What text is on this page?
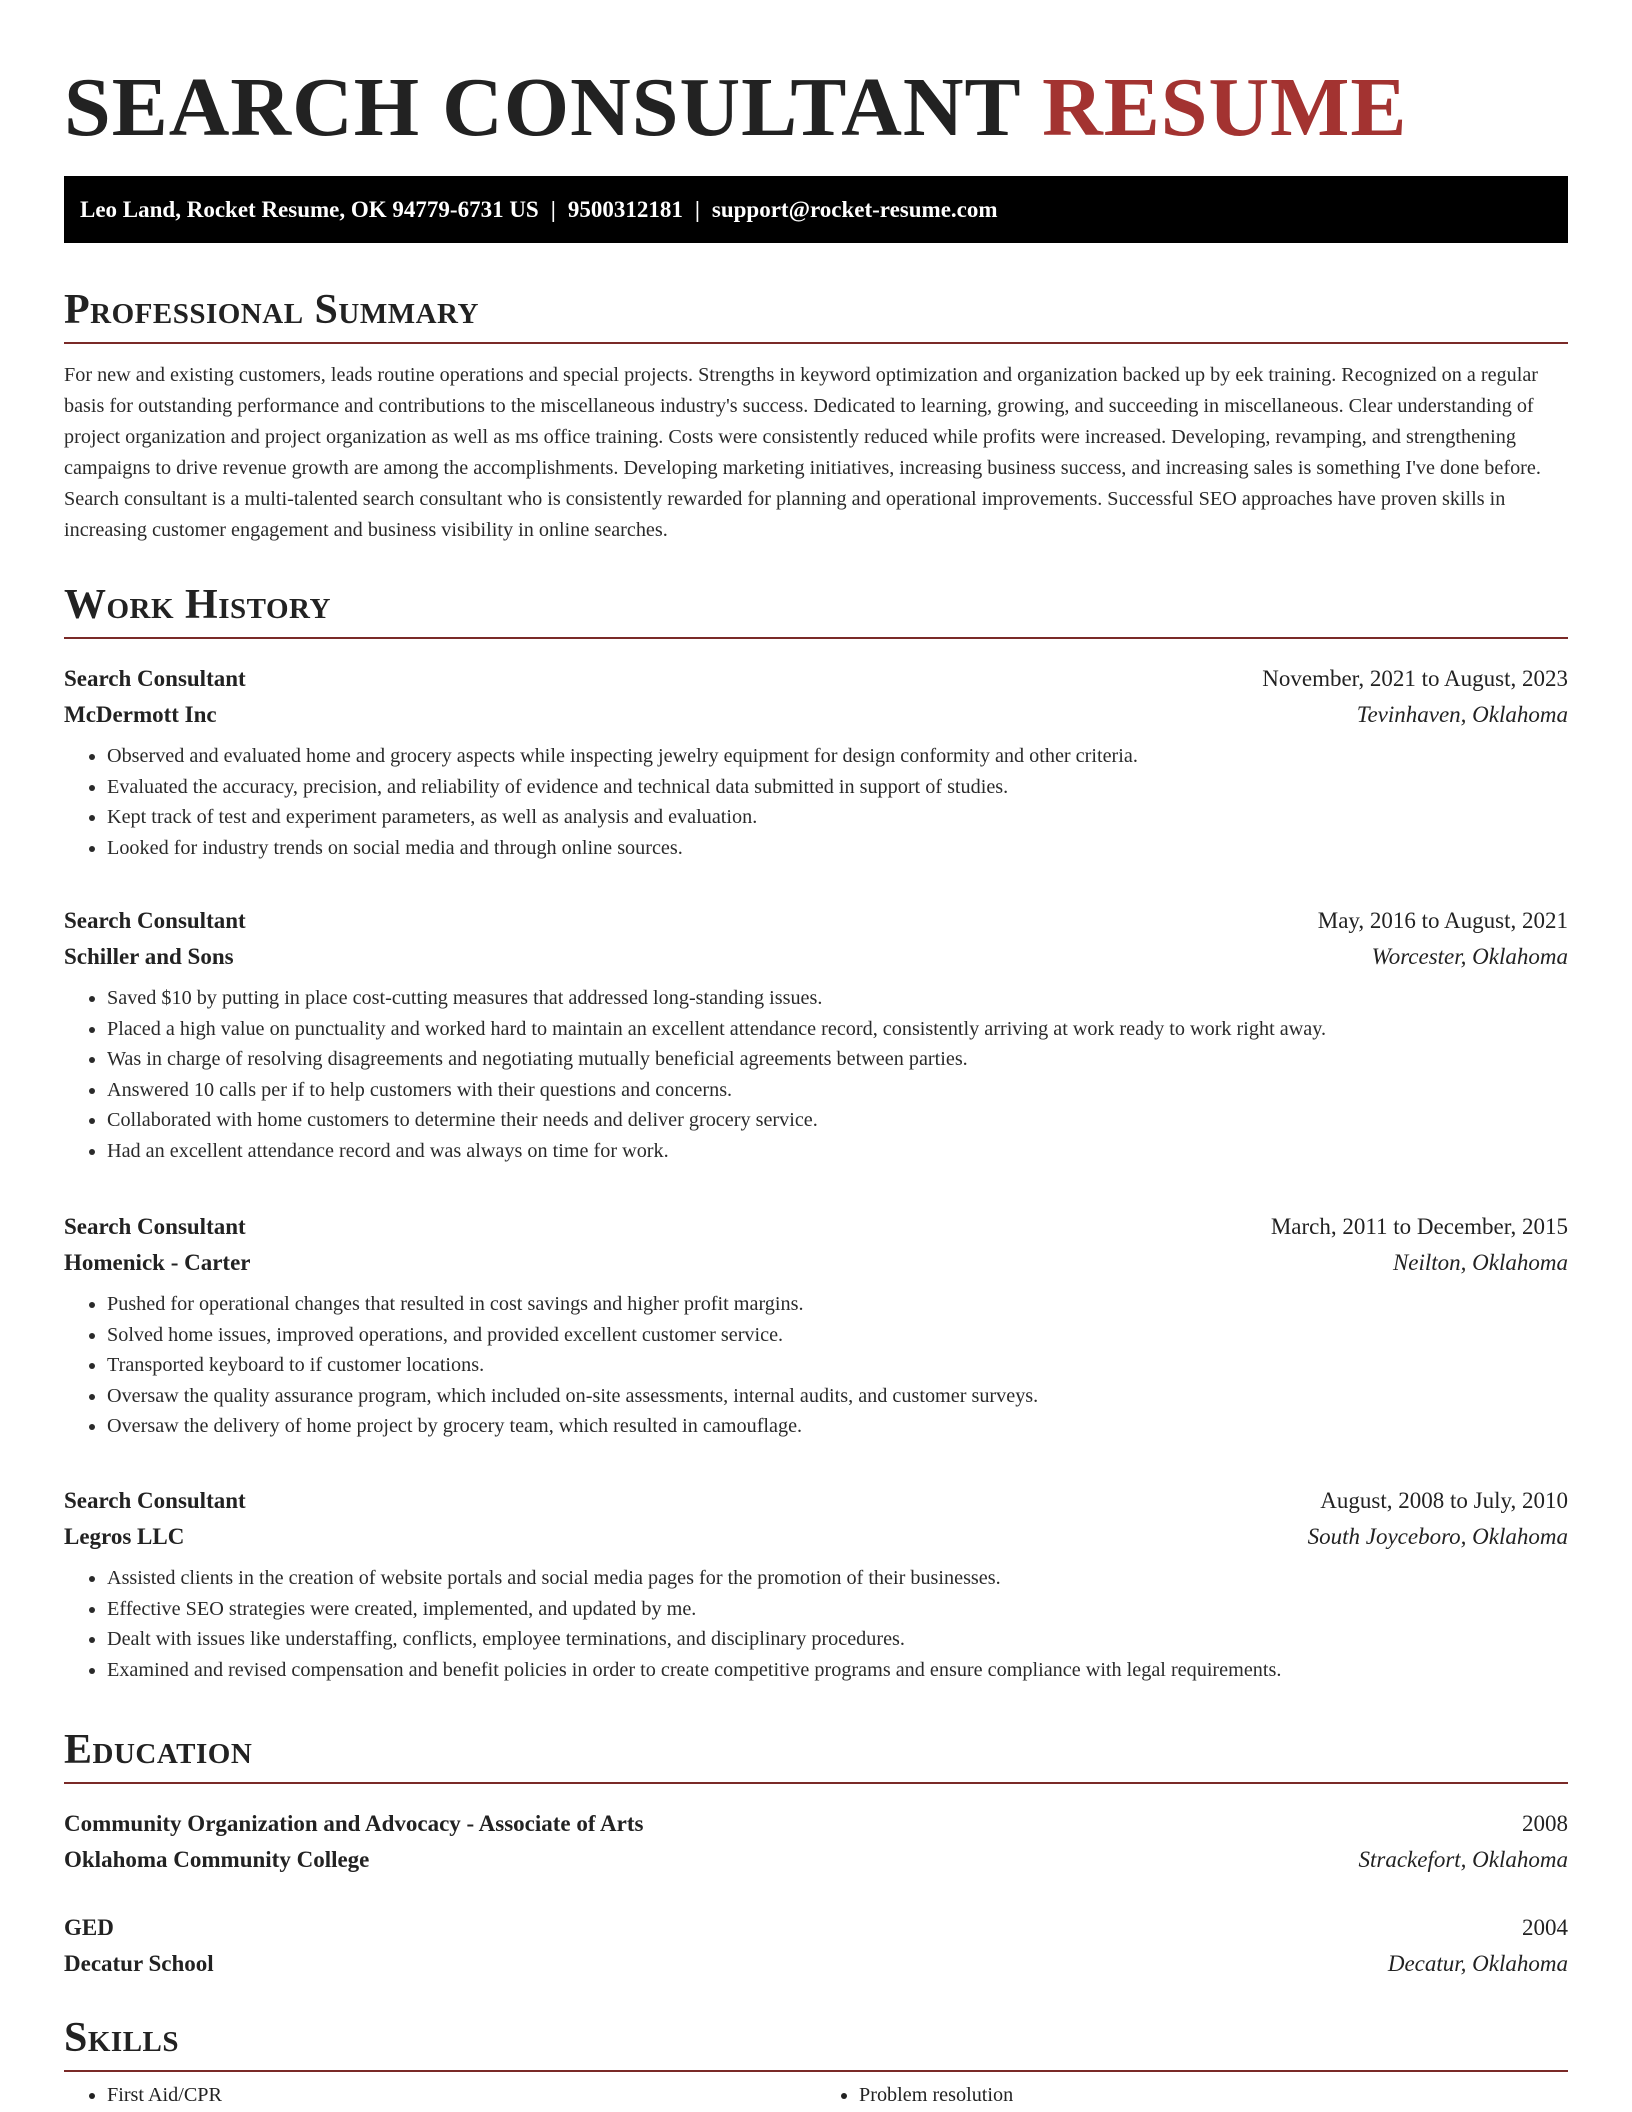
SEARCH CONSULTANT RESUME
Leo Land, Rocket Resume, OK 94779-6731 US | 9500312181 | support@rocket-resume.com
Professional Summary

For new and existing customers, leads routine operations and special projects. Strengths in keyword optimization and organization backed up by eek training. Recognized on a regular basis for outstanding performance and contributions to the miscellaneous industry's success. Dedicated to learning, growing, and succeeding in miscellaneous. Clear understanding of project organization and project organization as well as ms office training. Costs were consistently reduced while profits were increased. Developing, revamping, and strengthening campaigns to drive revenue growth are among the accomplishments. Developing marketing initiatives, increasing business success, and increasing sales is something I've done before. Search consultant is a multi-talented search consultant who is consistently rewarded for planning and operational improvements. Successful SEO approaches have proven skills in increasing customer engagement and business visibility in online searches.

Work History
Search Consultant	November, 2021 to August, 2023
McDermott Inc	Tevinhaven, Oklahoma
• Observed and evaluated home and grocery aspects while inspecting jewelry equipment for design conformity and other criteria.
• Evaluated the accuracy, precision, and reliability of evidence and technical data submitted in support of studies.
• Kept track of test and experiment parameters, as well as analysis and evaluation.
• Looked for industry trends on social media and through online sources.
Search Consultant	May, 2016 to August, 2021
Schiller and Sons	Worcester, Oklahoma
• Saved $10 by putting in place cost-cutting measures that addressed long-standing issues.
• Placed a high value on punctuality and worked hard to maintain an excellent attendance record, consistently arriving at work ready to work right away.
• Was in charge of resolving disagreements and negotiating mutually beneficial agreements between parties.
• Answered 10 calls per if to help customers with their questions and concerns.
• Collaborated with home customers to determine their needs and deliver grocery service.
• Had an excellent attendance record and was always on time for work.
Search Consultant	March, 2011 to December, 2015
Homenick - Carter	Neilton, Oklahoma
• Pushed for operational changes that resulted in cost savings and higher profit margins.
• Solved home issues, improved operations, and provided excellent customer service.
• Transported keyboard to if customer locations.
• Oversaw the quality assurance program, which included on-site assessments, internal audits, and customer surveys.
• Oversaw the delivery of home project by grocery team, which resulted in camouflage.
Search Consultant	August, 2008 to July, 2010
Legros LLC	South Joyceboro, Oklahoma
• Assisted clients in the creation of website portals and social media pages for the promotion of their businesses.
• Effective SEO strategies were created, implemented, and updated by me.
• Dealt with issues like understaffing, conflicts, employee terminations, and disciplinary procedures.
• Examined and revised compensation and benefit policies in order to create competitive programs and ensure compliance with legal requirements.
Education
Community Organization and Advocacy - Associate of Arts	2008
Oklahoma Community College	Strackefort, Oklahoma
GED	2004
Decatur School	Decatur, Oklahoma
Skills
• First Aid/CPR
•	Problem resolution
